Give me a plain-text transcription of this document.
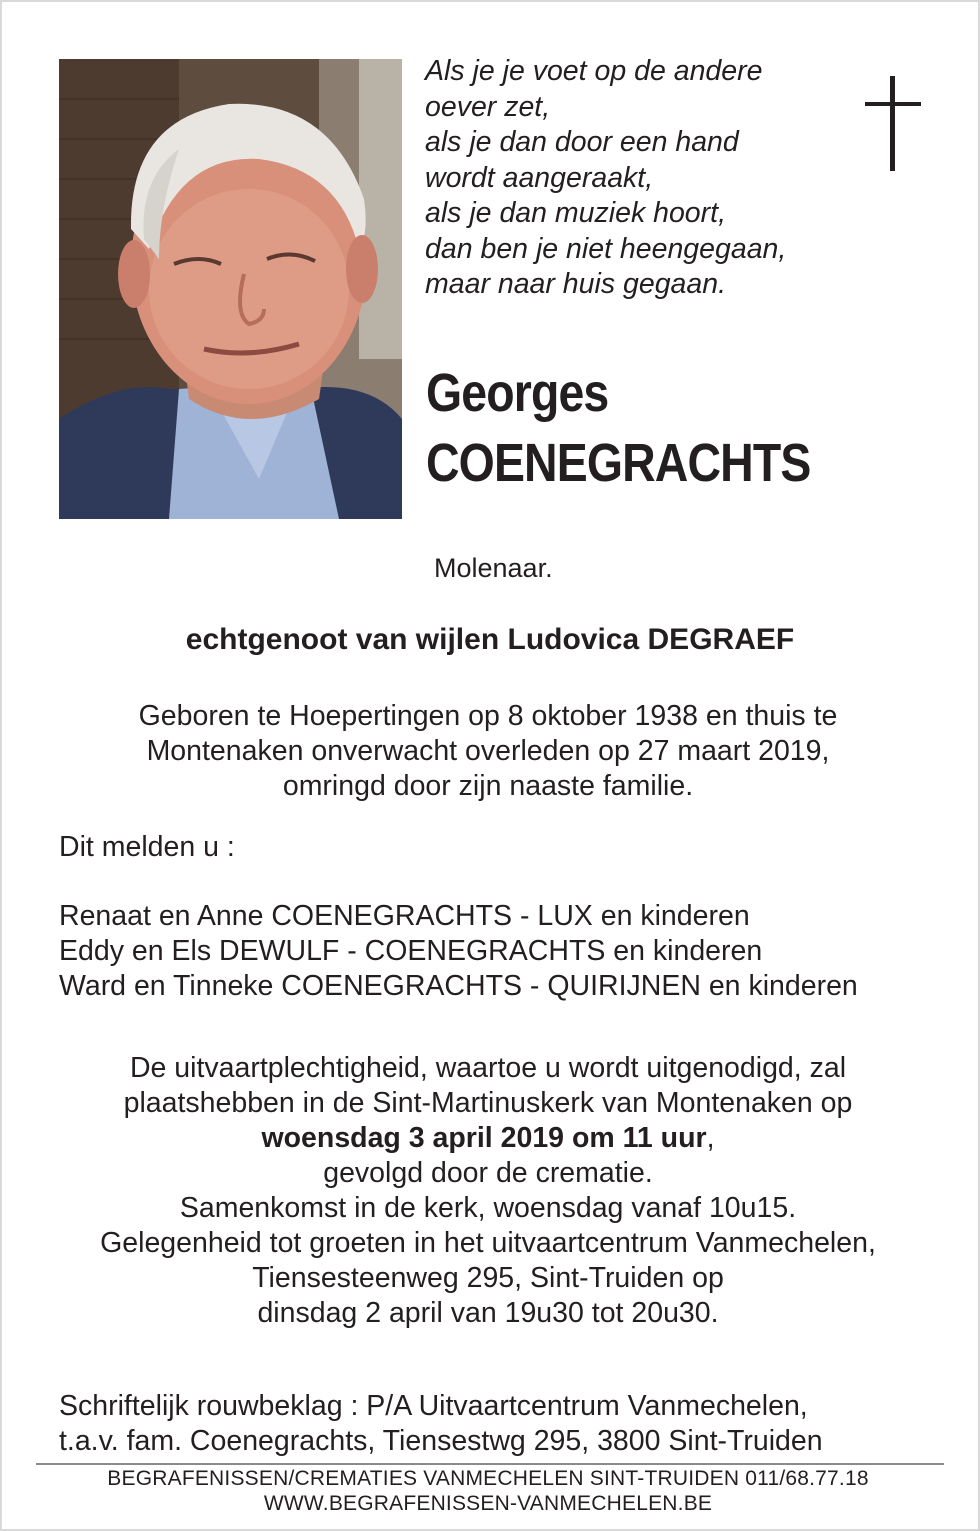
Als je je voet op de andere
oever zet,
als je dan door een hand
wordt aangeraakt,
als je dan muziek hoort,
dan ben je niet heengegaan,
maar naar huis gegaan.
Georges
COENEGRACHTS
Molenaar.
echtgenoot van wijlen Ludovica DEGRAEF
Geboren te Hoepertingen op 8 oktober 1938 en thuis te
Montenaken onverwacht overleden op 27 maart 2019,
omringd door zijn naaste familie.
Dit melden u :
Renaat en Anne COENEGRACHTS - LUX en kinderen
Eddy en Els DEWULF - COENEGRACHTS en kinderen
Ward en Tinneke COENEGRACHTS - QUIRIJNEN en kinderen
De uitvaartplechtigheid, waartoe u wordt uitgenodigd, zal
plaatshebben in de Sint-Martinuskerk van Montenaken op
woensdag 3 april 2019 om 11 uur,
gevolgd door de crematie.
Samenkomst in de kerk, woensdag vanaf 10u15.
Gelegenheid tot groeten in het uitvaartcentrum Vanmechelen,
Tiensesteenweg 295, Sint-Truiden op
dinsdag 2 april van 19u30 tot 20u30.
Schriftelijk rouwbeklag : P/A Uitvaartcentrum Vanmechelen,
t.a.v. fam. Coenegrachts, Tiensestwg 295, 3800 Sint-Truiden
BEGRAFENISSEN/CREMATIES VANMECHELEN SINT-TRUIDEN 011/68.77.18
WWW.BEGRAFENISSEN-VANMECHELEN.BE
